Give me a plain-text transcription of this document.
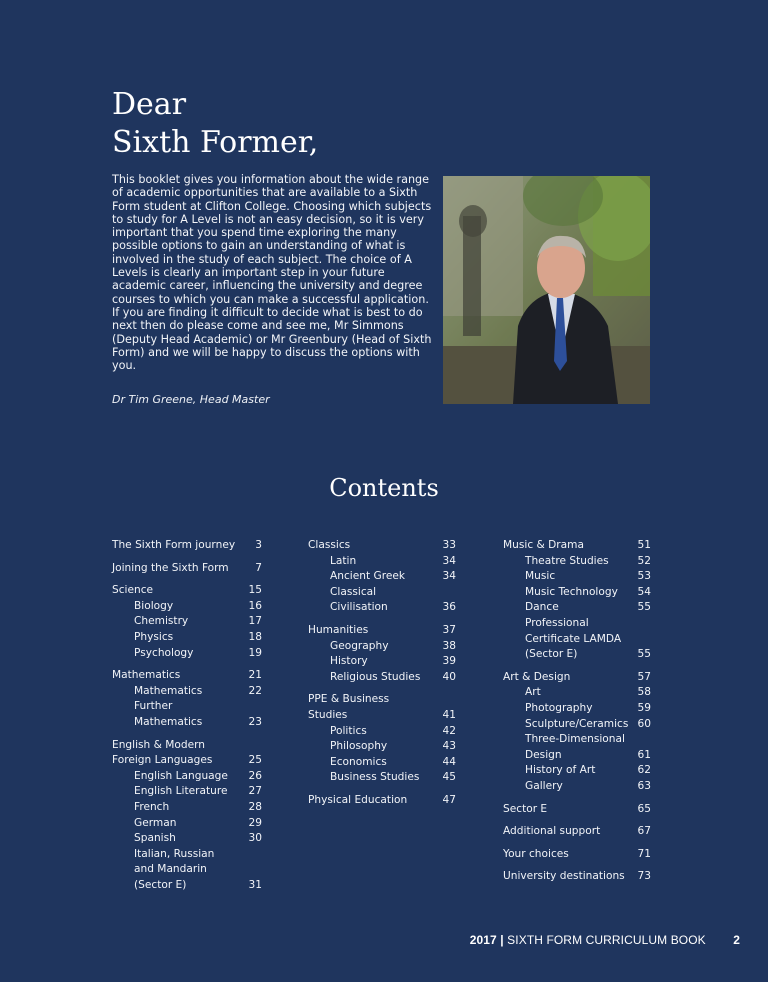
Dear
Sixth Former,
This booklet gives you information about the wide range of academic opportunities that are available to a Sixth Form student at Clifton College. Choosing which subjects to study for A Level is not an easy decision, so it is very important that you spend time exploring the many possible options to gain an understanding of what is involved in the study of each subject. The choice of A Levels is clearly an important step in your future academic career, influencing the university and degree courses to which you can make a successful application. If you are finding it difficult to decide what is best to do next then do please come and see me, Mr Simmons (Deputy Head Academic) or Mr Greenbury (Head of Sixth Form) and we will be happy to discuss the options with you.
Dr Tim Greene, Head Master
Contents
The Sixth Form journey	3
Joining the Sixth Form	7
Science	15
Biology	16
Chemistry	17
Physics	18
Psychology	19
Mathematics	21
Mathematics	22
Further Mathematics	23
English & Modern Foreign Languages	25
English Language	26
English Literature	27
French	28
German	29
Spanish	30
Italian, Russian and Mandarin (Sector E)	31
Classics	33
Latin	34
Ancient Greek	34
Classical Civilisation	36
Humanities	37
Geography	38
History	39
Religious Studies	40
PPE & Business Studies	41
Politics	42
Philosophy	43
Economics	44
Business Studies	45
Physical Education	47
Music & Drama	51
Theatre Studies	52
Music	53
Music Technology	54
Dance	55
Professional Certificate LAMDA (Sector E)	55
Art & Design	57
Art	58
Photography	59
Sculpture/Ceramics 60
Three-Dimensional Design	61
History of Art	62
Gallery	63
Sector E	65
Additional support	67
Your choices	71
University destinations	73
2017 | SIXTH FORM CURRICULUM BOOK 2
